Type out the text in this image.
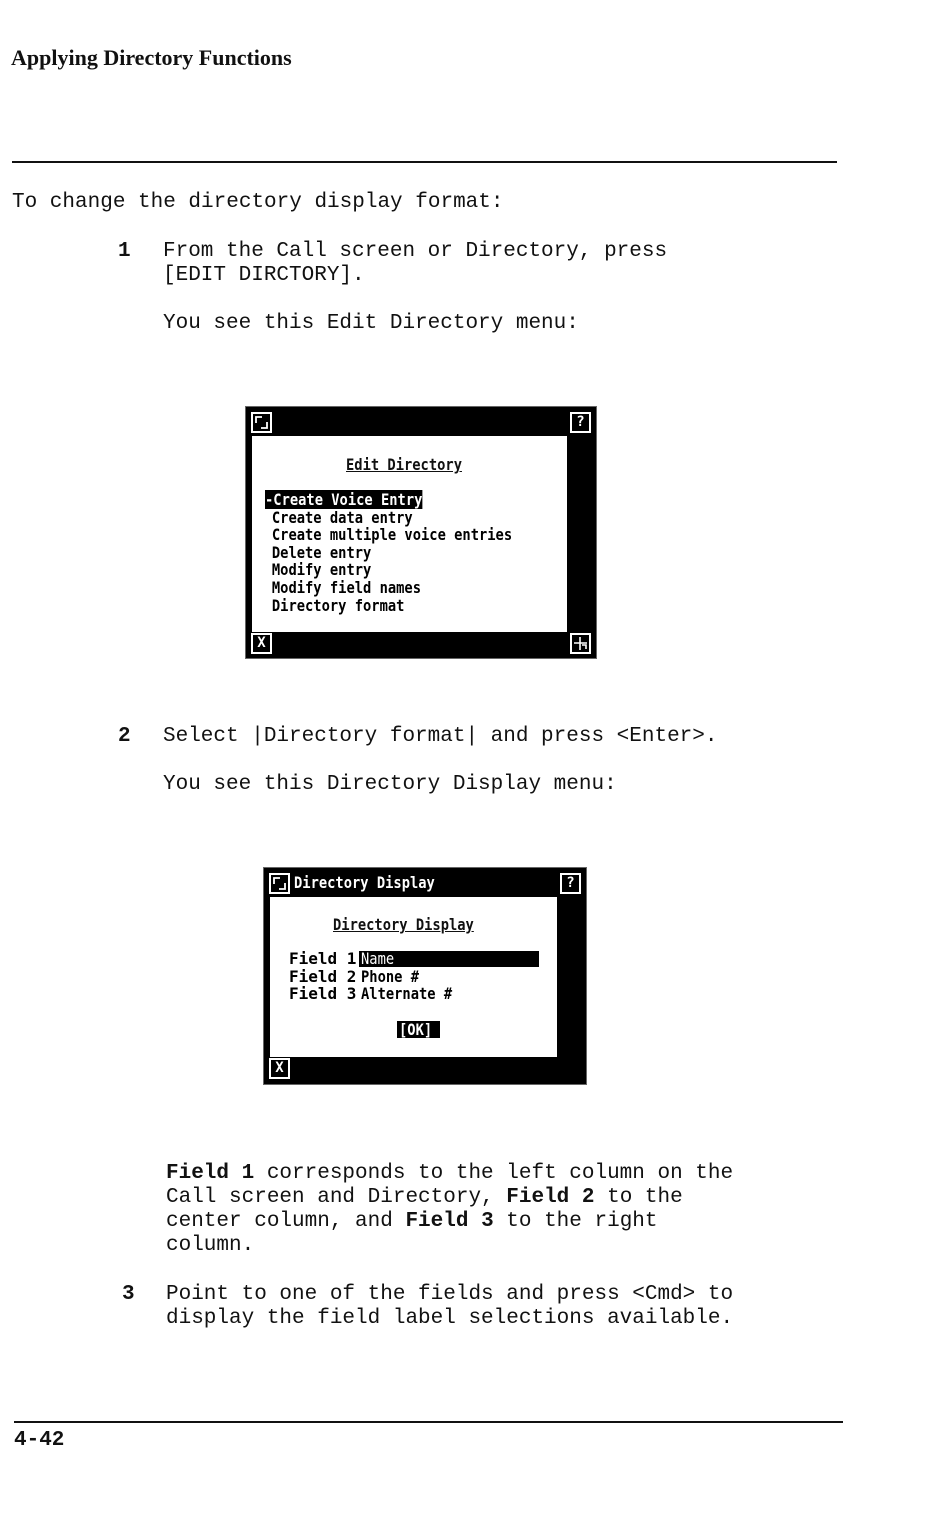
Applying Directory Functions
To change the directory display format:
1 From the Call screen or Directory, press
[EDIT DIRCTORY].
You see this Edit Directory menu:
?
Edit Directory
-Create Voice Entry
Create data entry
Create multiple voice entries
Delete entry
Modify entry
Modify field names
Directory format
X
2 Select |Directory format| and press <Enter>.
You see this Directory Display menu:
Directory Display	?
Directory Display
Field 1 Name
Field 2 Phone #
Field 3 Alternate #
[OK]
X
Field 1 corresponds to the left column on the
Call screen and Directory, Field 2 to the
center column, and Field 3 to the right
column.
3 Point to one of the fields and press <Cmd> to
display the field label selections available.
4-42
